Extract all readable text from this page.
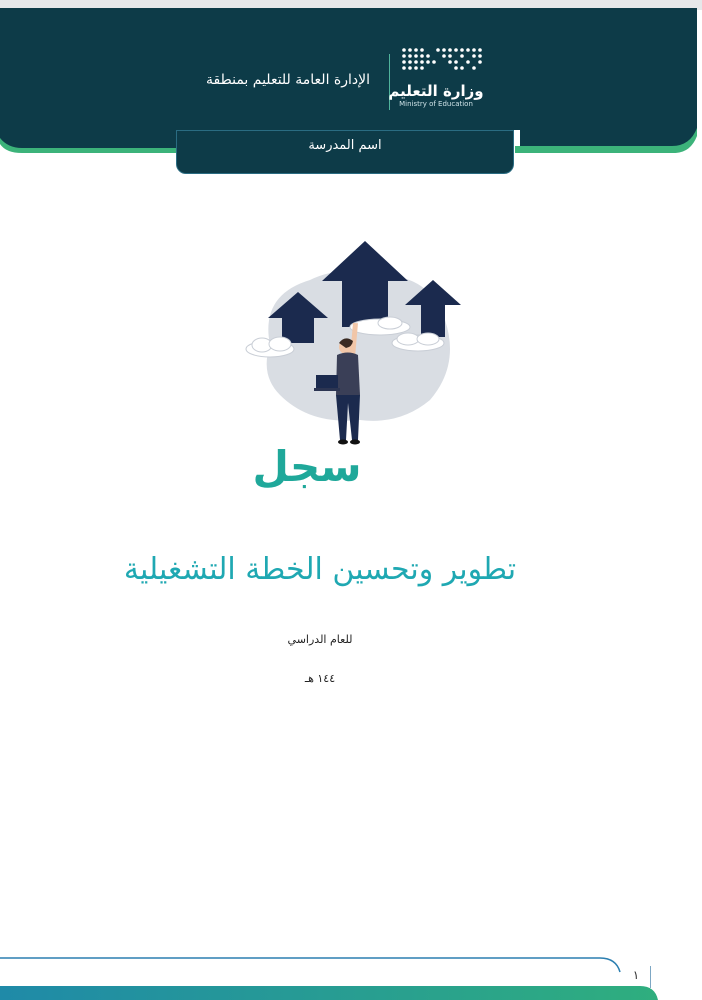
الإدارة العامة للتعليم بمنطقة
وزارة التعليم
Ministry of Education
اسم المدرسة
سجل
تطوير وتحسين الخطة التشغيلية
للعام الدراسي
١٤٤ هـ
١
